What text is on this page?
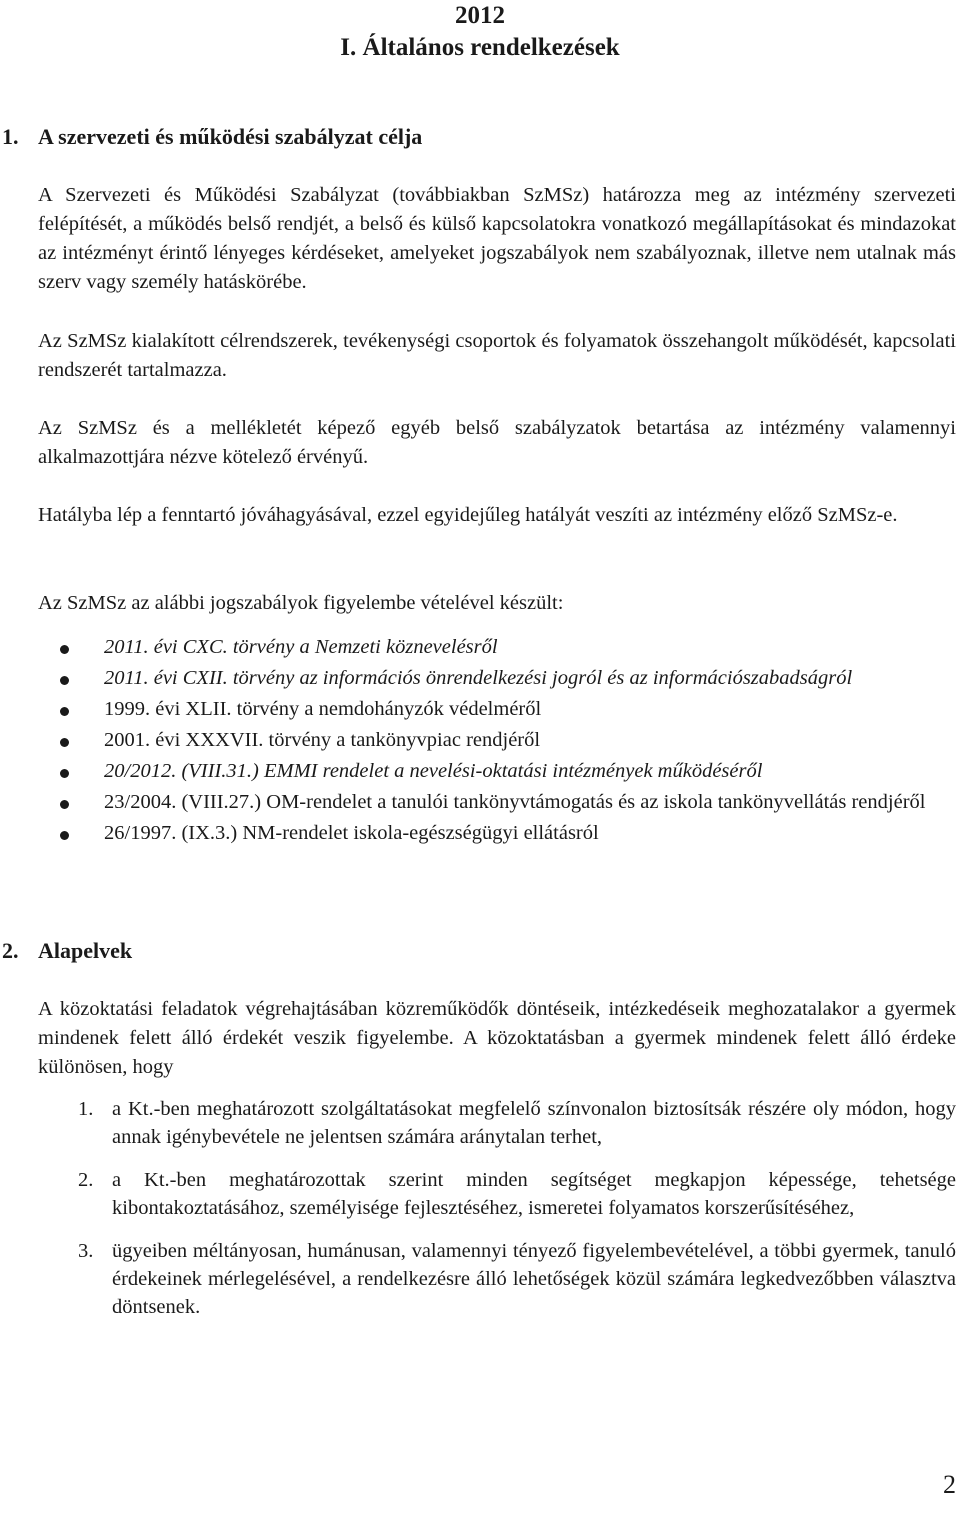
2012
I. Általános rendelkezések
1. A szervezeti és működési szabályzat célja
A Szervezeti és Működési Szabályzat (továbbiakban SzMSz) határozza meg az intézmény szervezeti felépítését, a működés belső rendjét, a belső és külső kapcsolatokra vonatkozó megállapításokat és mindazokat az intézményt érintő lényeges kérdéseket, amelyeket jogszabályok nem szabályoznak, illetve nem utalnak más szerv vagy személy hatáskörébe.
Az SzMSz kialakított célrendszerek, tevékenységi csoportok és folyamatok összehangolt működését, kapcsolati rendszerét tartalmazza.
Az SzMSz és a mellékletét képező egyéb belső szabályzatok betartása az intézmény valamennyi alkalmazottjára nézve kötelező érvényű.
Hatályba lép a fenntartó jóváhagyásával, ezzel egyidejűleg hatályát veszíti az intézmény előző SzMSz-e.
Az SzMSz az alábbi jogszabályok figyelembe vételével készült:
2011. évi CXC. törvény a Nemzeti köznevelésről
2011. évi CXII. törvény az információs önrendelkezési jogról és az információszabadságról
1999. évi XLII. törvény a nemdohányzók védelméről
2001. évi XXXVII. törvény a tankönyvpiac rendjéről
20/2012. (VIII.31.) EMMI rendelet a nevelési-oktatási intézmények működéséről
23/2004. (VIII.27.) OM-rendelet a tanulói tankönyvtámogatás és az iskola tankönyvellátás rendjéről
26/1997. (IX.3.) NM-rendelet iskola-egészségügyi ellátásról
2. Alapelvek
A közoktatási feladatok végrehajtásában közreműködők döntéseik, intézkedéseik meghozatalakor a gyermek mindenek felett álló érdekét veszik figyelembe. A közoktatásban a gyermek mindenek felett álló érdeke különösen, hogy
1. a Kt.-ben meghatározott szolgáltatásokat megfelelő színvonalon biztosítsák részére oly módon, hogy annak igénybevétele ne jelentsen számára aránytalan terhet,
2. a Kt.-ben meghatározottak szerint minden segítséget megkapjon képessége, tehetsége kibontakoztatásához, személyisége fejlesztéséhez, ismeretei folyamatos korszerűsítéséhez,
3. ügyeiben méltányosan, humánusan, valamennyi tényező figyelembevételével, a többi gyermek, tanuló érdekeinek mérlegelésével, a rendelkezésre álló lehetőségek közül számára legkedvezőbben választva döntsenek.
2
